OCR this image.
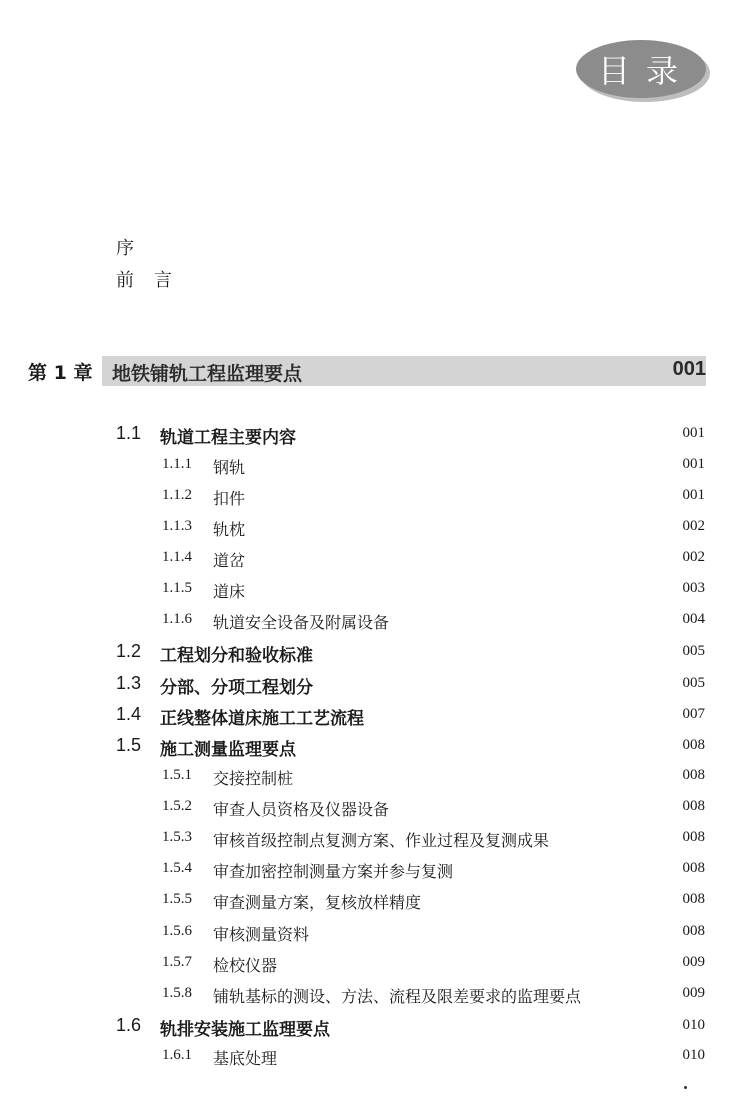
目录
序
前　言
第 1 章 地铁铺轨工程监理要点	001
1.1 轨道工程主要内容	001
1.1.1 钢轨	001
1.1.2 扣件	001
1.1.3 轨枕	002
1.1.4 道岔	002
1.1.5 道床	003
1.1.6 轨道安全设备及附属设备	004
1.2 工程划分和验收标准	005
1.3 分部、分项工程划分	005
1.4 正线整体道床施工工艺流程	007
1.5 施工测量监理要点	008
1.5.1 交接控制桩	008
1.5.2 审查人员资格及仪器设备	008
1.5.3 审核首级控制点复测方案、作业过程及复测成果	008
1.5.4 审查加密控制测量方案并参与复测	008
1.5.5 审查测量方案，复核放样精度	008
1.5.6 审核测量资料	008
1.5.7 检校仪器	009
1.5.8 铺轨基标的测设、方法、流程及限差要求的监理要点	009
1.6 轨排安装施工监理要点	010
1.6.1 基底处理	010
